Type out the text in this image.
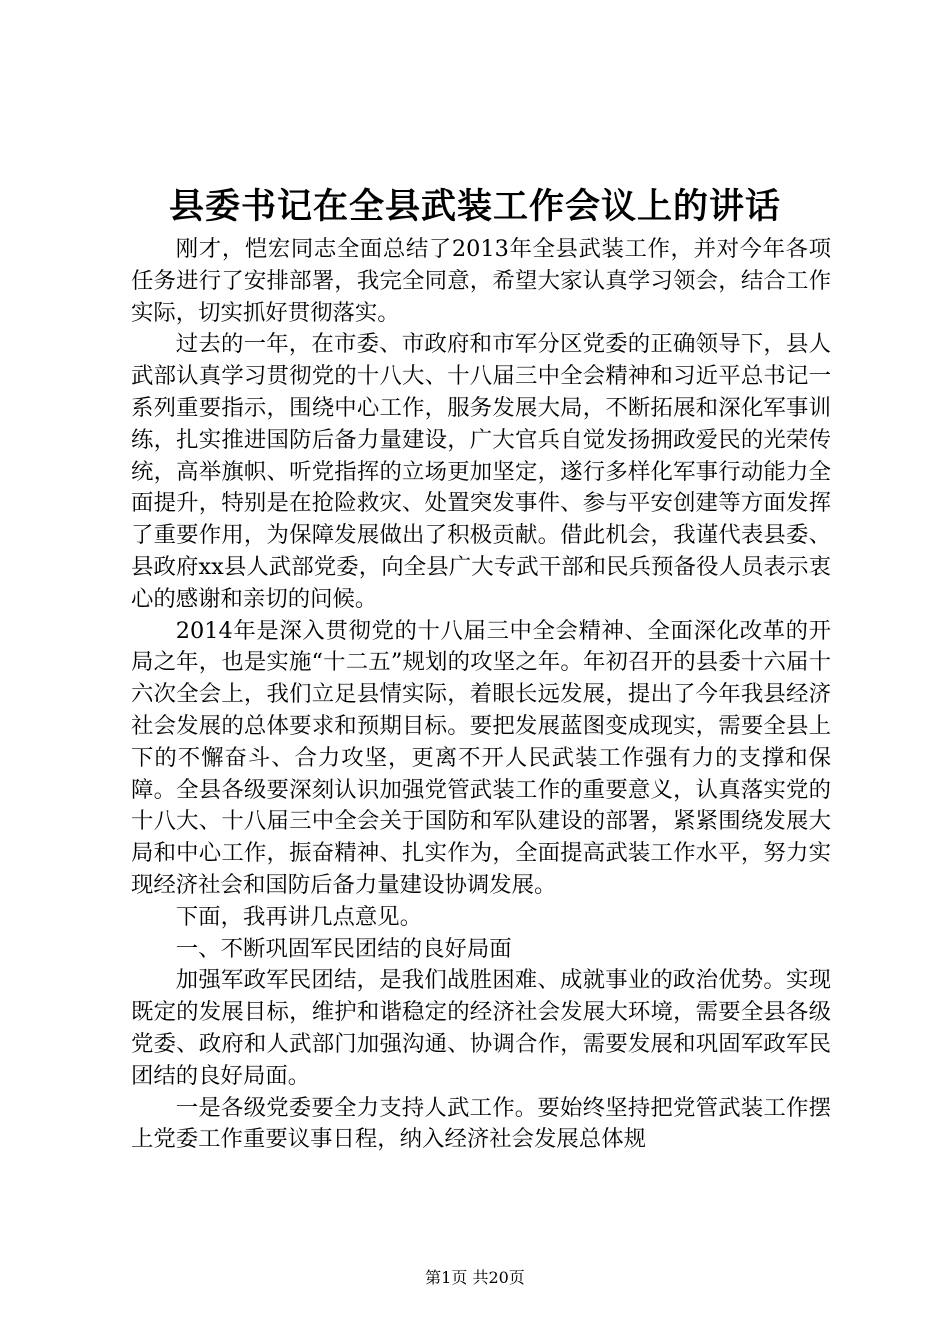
县委书记在全县武装工作会议上的讲话

刚才，恺宏同志全面总结了2013年全县武装工作，并对今年各项任务进行了安排部署，我完全同意，希望大家认真学习领会，结合工作实际，切实抓好贯彻落实。

过去的一年，在市委、市政府和市军分区党委的正确领导下，县人武部认真学习贯彻党的十八大、十八届三中全会精神和习近平总书记一系列重要指示，围绕中心工作，服务发展大局，不断拓展和深化军事训练，扎实推进国防后备力量建设，广大官兵自觉发扬拥政爱民的光荣传统，高举旗帜、听党指挥的立场更加坚定，遂行多样化军事行动能力全面提升，特别是在抢险救灾、处置突发事件、参与平安创建等方面发挥了重要作用，为保障发展做出了积极贡献。借此机会，我谨代表县委、县政府xx县人武部党委，向全县广大专武干部和民兵预备役人员表示衷心的感谢和亲切的问候。

2014年是深入贯彻党的十八届三中全会精神、全面深化改革的开局之年，也是实施“十二五”规划的攻坚之年。年初召开的县委十六届十六次全会上，我们立足县情实际，着眼长远发展，提出了今年我县经济社会发展的总体要求和预期目标。要把发展蓝图变成现实，需要全县上下的不懈奋斗、合力攻坚，更离不开人民武装工作强有力的支撑和保障。全县各级要深刻认识加强党管武装工作的重要意义，认真落实党的十八大、十八届三中全会关于国防和军队建设的部署，紧紧围绕发展大局和中心工作，振奋精神、扎实作为，全面提高武装工作水平，努力实现经济社会和国防后备力量建设协调发展。

下面，我再讲几点意见。

一、不断巩固军民团结的良好局面

加强军政军民团结，是我们战胜困难、成就事业的政治优势。实现既定的发展目标，维护和谐稳定的经济社会发展大环境，需要全县各级党委、政府和人武部门加强沟通、协调合作，需要发展和巩固军政军民团结的良好局面。

一是各级党委要全力支持人武工作。要始终坚持把党管武装工作摆上党委工作重要议事日程，纳入经济社会发展总体规

第1页 共20页
